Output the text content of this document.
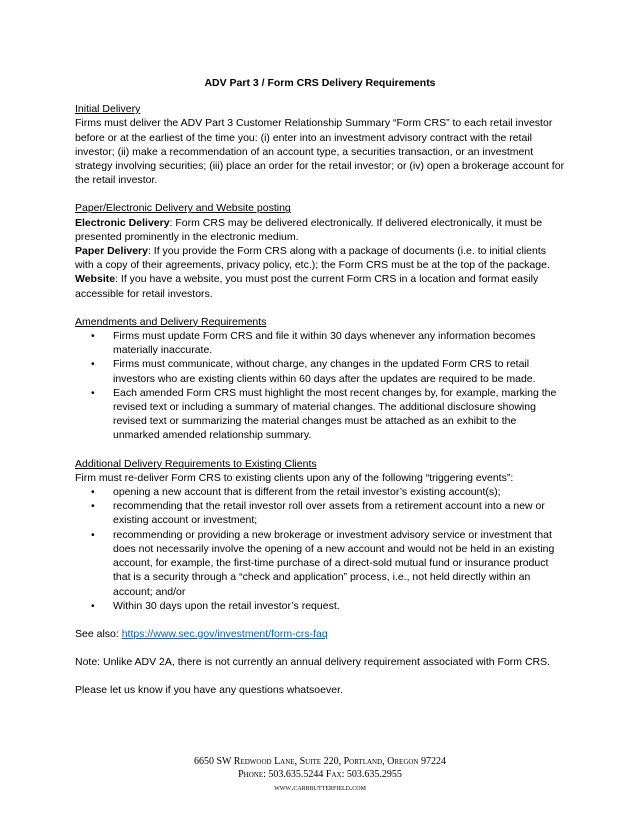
ADV Part 3 / Form CRS Delivery Requirements

Initial Delivery

Firms must deliver the ADV Part 3 Customer Relationship Summary “Form CRS” to each retail investor before or at the earliest of the time you: (i) enter into an investment advisory contract with the retail investor; (ii) make a recommendation of an account type, a securities transaction, or an investment strategy involving securities; (iii) place an order for the retail investor; or (iv) open a brokerage account for the retail investor.

Paper/Electronic Delivery and Website posting

Electronic Delivery: Form CRS may be delivered electronically. If delivered electronically, it must be presented prominently in the electronic medium.

Paper Delivery: If you provide the Form CRS along with a package of documents (i.e. to initial clients with a copy of their agreements, privacy policy, etc.); the Form CRS must be at the top of the package.

Website: If you have a website, you must post the current Form CRS in a location and format easily accessible for retail investors.

Amendments and Delivery Requirements

• Firms must update Form CRS and file it within 30 days whenever any information becomes materially inaccurate.
• Firms must communicate, without charge, any changes in the updated Form CRS to retail investors who are existing clients within 60 days after the updates are required to be made.
• Each amended Form CRS must highlight the most recent changes by, for example, marking the revised text or including a summary of material changes. The additional disclosure showing revised text or summarizing the material changes must be attached as an exhibit to the unmarked amended relationship summary.

Additional Delivery Requirements to Existing Clients

Firm must re-deliver Form CRS to existing clients upon any of the following “triggering events”:

• opening a new account that is different from the retail investor’s existing account(s);
• recommending that the retail investor roll over assets from a retirement account into a new or existing account or investment;
• recommending or providing a new brokerage or investment advisory service or investment that does not necessarily involve the opening of a new account and would not be held in an existing account, for example, the first-time purchase of a direct-sold mutual fund or insurance product that is a security through a “check and application” process, i.e., not held directly within an account; and/or
• Within 30 days upon the retail investor’s request.

See also: https://www.sec.gov/investment/form-crs-faq

Note: Unlike ADV 2A, there is not currently an annual delivery requirement associated with Form CRS.

Please let us know if you have any questions whatsoever.

6650 SW Redwood Lane, Suite 220, Portland, Oregon 97224
Phone: 503.635.5244 Fax: 503.635.2955
www.carrbutterfield.com
